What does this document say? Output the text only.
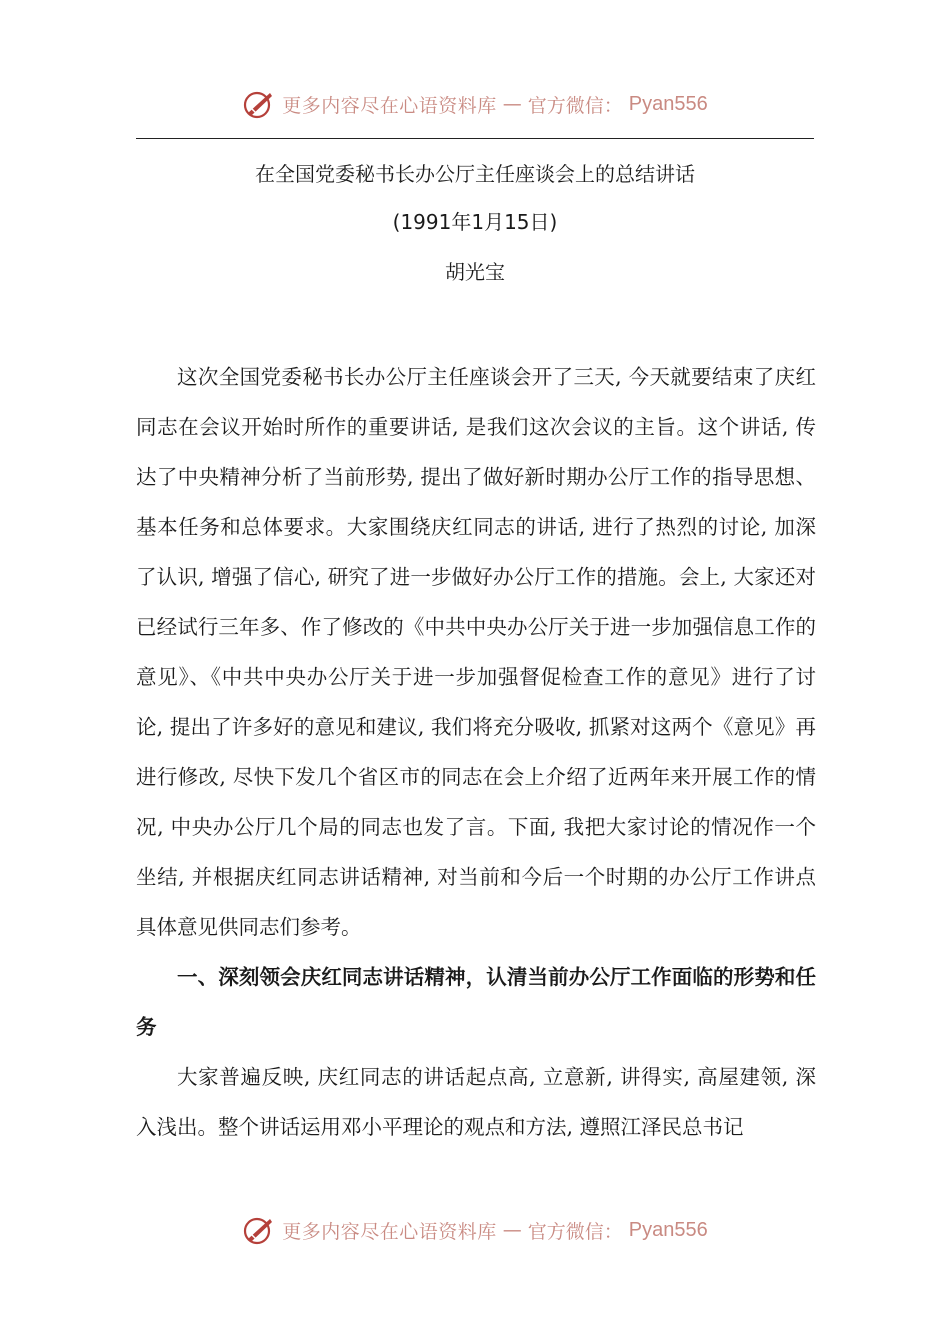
更多内容尽在心语资料库 — 官方微信： Pyan556
在全国党委秘书长办公厅主任座谈会上的总结讲话
(1991年1月15日)
胡光宝

这次全国党委秘书长办公厅主任座谈会开了三天, 今天就要结束了庆红同志在会议开始时所作的重要讲话, 是我们这次会议的主旨。这个讲话, 传达了中央精神分析了当前形势, 提出了做好新时期办公厅工作的指导思想、基本任务和总体要求。大家围绕庆红同志的讲话, 进行了热烈的讨论, 加深了认识, 增强了信心, 研究了进一步做好办公厅工作的措施。会上, 大家还对已经试行三年多、作了修改的《中共中央办公厅关于进一步加强信息工作的意见》、《中共中央办公厅关于进一步加强督促检查工作的意见》进行了讨论, 提出了许多好的意见和建议, 我们将充分吸收, 抓紧对这两个《意见》再进行修改, 尽快下发几个省区市的同志在会上介绍了近两年来开展工作的情况, 中央办公厅几个局的同志也发了言。下面, 我把大家讨论的情况作一个坐结, 并根据庆红同志讲话精神, 对当前和今后一个时期的办公厅工作讲点具体意见供同志们参考。

一、深刻领会庆红同志讲话精神，认清当前办公厅工作面临的形势和任务

大家普遍反映, 庆红同志的讲话起点高, 立意新, 讲得实, 高屋建领, 深入浅出。整个讲话运用邓小平理论的观点和方法, 遵照江泽民总书记

更多内容尽在心语资料库 — 官方微信： Pyan556
